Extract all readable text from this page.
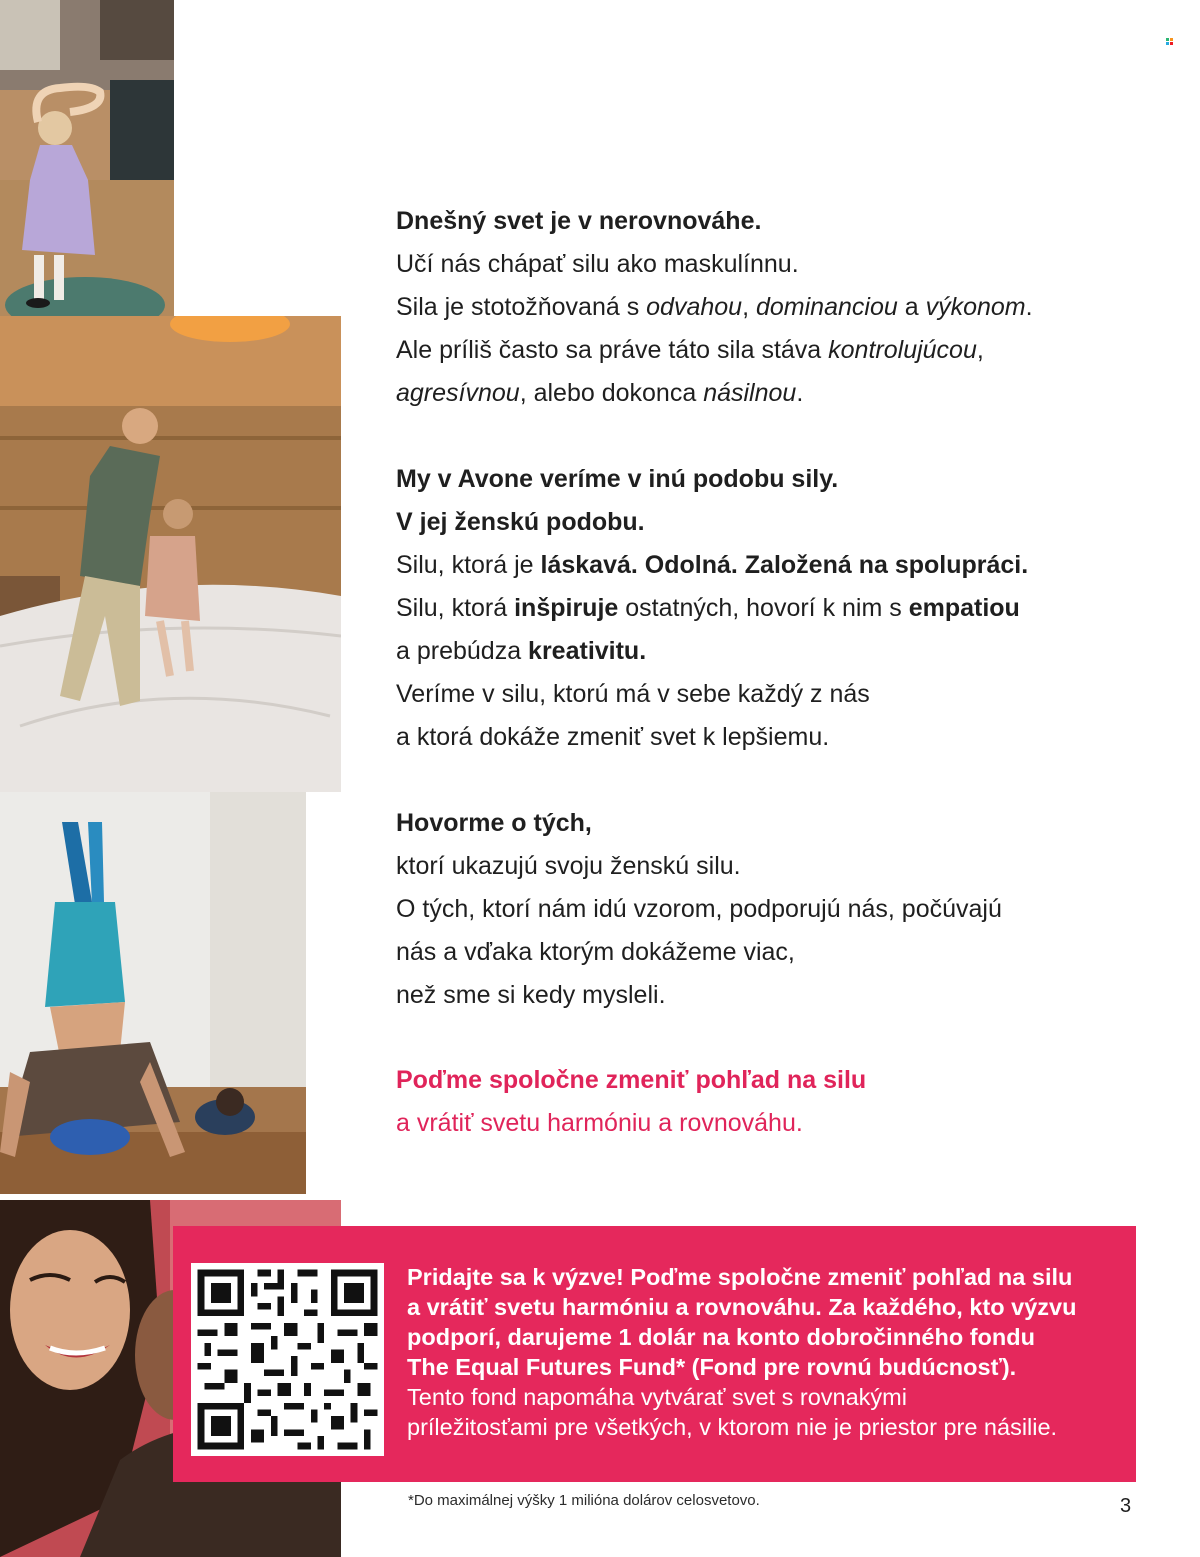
Dnešný svet je v nerovnováhe.

Učí nás chápať silu ako maskulínnu.

Sila je stotožňovaná s odvahou, dominanciou a výkonom.

Ale príliš často sa práve táto sila stáva kontrolujúcou,

agresívnou, alebo dokonca násilnou.

My v Avone veríme v inú podobu sily.

V jej ženskú podobu.

Silu, ktorá je láskavá. Odolná. Založená na spolupráci.

Silu, ktorá inšpiruje ostatných, hovorí k nim s empatiou

a prebúdza kreativitu.

Veríme v silu, ktorú má v sebe každý z nás

a ktorá dokáže zmeniť svet k lepšiemu.

Hovorme o tých,

ktorí ukazujú svoju ženskú silu.

O tých, ktorí nám idú vzorom, podporujú nás, počúvajú

nás a vďaka ktorým dokážeme viac,

než sme si kedy mysleli.

Poďme spoločne zmeniť pohľad na silu

a vrátiť svetu harmóniu a rovnováhu.

Pridajte sa k výzve! Poďme spoločne zmeniť pohľad na silu

a vrátiť svetu harmóniu a rovnováhu. Za každého, kto výzvu

podporí, darujeme 1 dolár na konto dobročinného fondu

The Equal Futures Fund* (Fond pre rovnú budúcnosť).

Tento fond napomáha vytvárať svet s rovnakými

príležitosťami pre všetkých, v ktorom nie je priestor pre násilie.

*Do maximálnej výšky 1 milióna dolárov celosvetovo.	3
